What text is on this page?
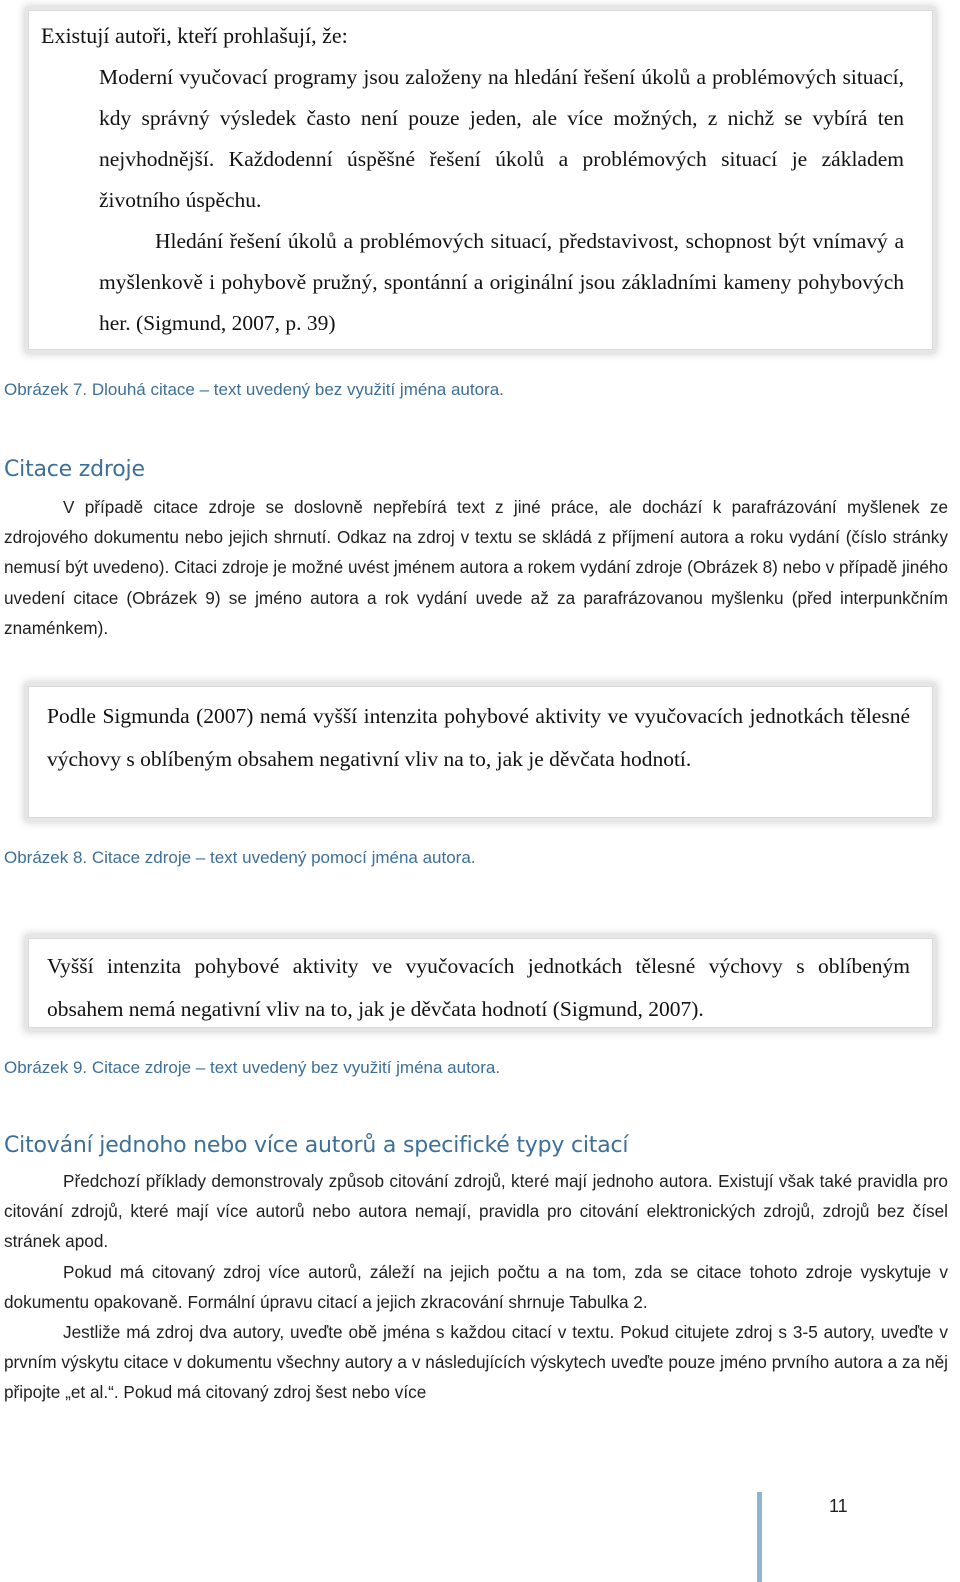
Existují autoři, kteří prohlašují, že:

Moderní vyučovací programy jsou založeny na hledání řešení úkolů a problémových situací, kdy správný výsledek často není pouze jeden, ale více možných, z nichž se vybírá ten nejvhodnější. Každodenní úspěšné řešení úkolů a problémových situací je základem životního úspěchu.
Hledání řešení úkolů a problémových situací, představivost, schopnost být vnímavý a myšlenkově i pohybově pružný, spontánní a originální jsou základními kameny pohybových her. (Sigmund, 2007, p. 39)

Obrázek 7. Dlouhá citace – text uvedený bez využití jména autora.

Citace zdroje

V případě citace zdroje se doslovně nepřebírá text z jiné práce, ale dochází k parafrázování myšlenek ze zdrojového dokumentu nebo jejich shrnutí. Odkaz na zdroj v textu se skládá z příjmení autora a roku vydání (číslo stránky nemusí být uvedeno). Citaci zdroje je možné uvést jménem autora a rokem vydání zdroje (Obrázek 8) nebo v případě jiného uvedení citace (Obrázek 9) se jméno autora a rok vydání uvede až za parafrázovanou myšlenku (před interpunkčním znaménkem).

Podle Sigmunda (2007) nemá vyšší intenzita pohybové aktivity ve vyučovacích jednotkách tělesné výchovy s oblíbeným obsahem negativní vliv na to, jak je děvčata hodnotí.

Obrázek 8. Citace zdroje – text uvedený pomocí jména autora.

Vyšší intenzita pohybové aktivity ve vyučovacích jednotkách tělesné výchovy s oblíbeným obsahem nemá negativní vliv na to, jak je děvčata hodnotí (Sigmund, 2007).

Obrázek 9. Citace zdroje – text uvedený bez využití jména autora.

Citování jednoho nebo více autorů a specifické typy citací

Předchozí příklady demonstrovaly způsob citování zdrojů, které mají jednoho autora. Existují však také pravidla pro citování zdrojů, které mají více autorů nebo autora nemají, pravidla pro citování elektronických zdrojů, zdrojů bez čísel stránek apod.

Pokud má citovaný zdroj více autorů, záleží na jejich počtu a na tom, zda se citace tohoto zdroje vyskytuje v dokumentu opakovaně. Formální úpravu citací a jejich zkracování shrnuje Tabulka 2.

Jestliže má zdroj dva autory, uveďte obě jména s každou citací v textu. Pokud citujete zdroj s 3-5 autory, uveďte v prvním výskytu citace v dokumentu všechny autory a v následujících výskytech uveďte pouze jméno prvního autora a za něj připojte „et al.“. Pokud má citovaný zdroj šest nebo více

11
